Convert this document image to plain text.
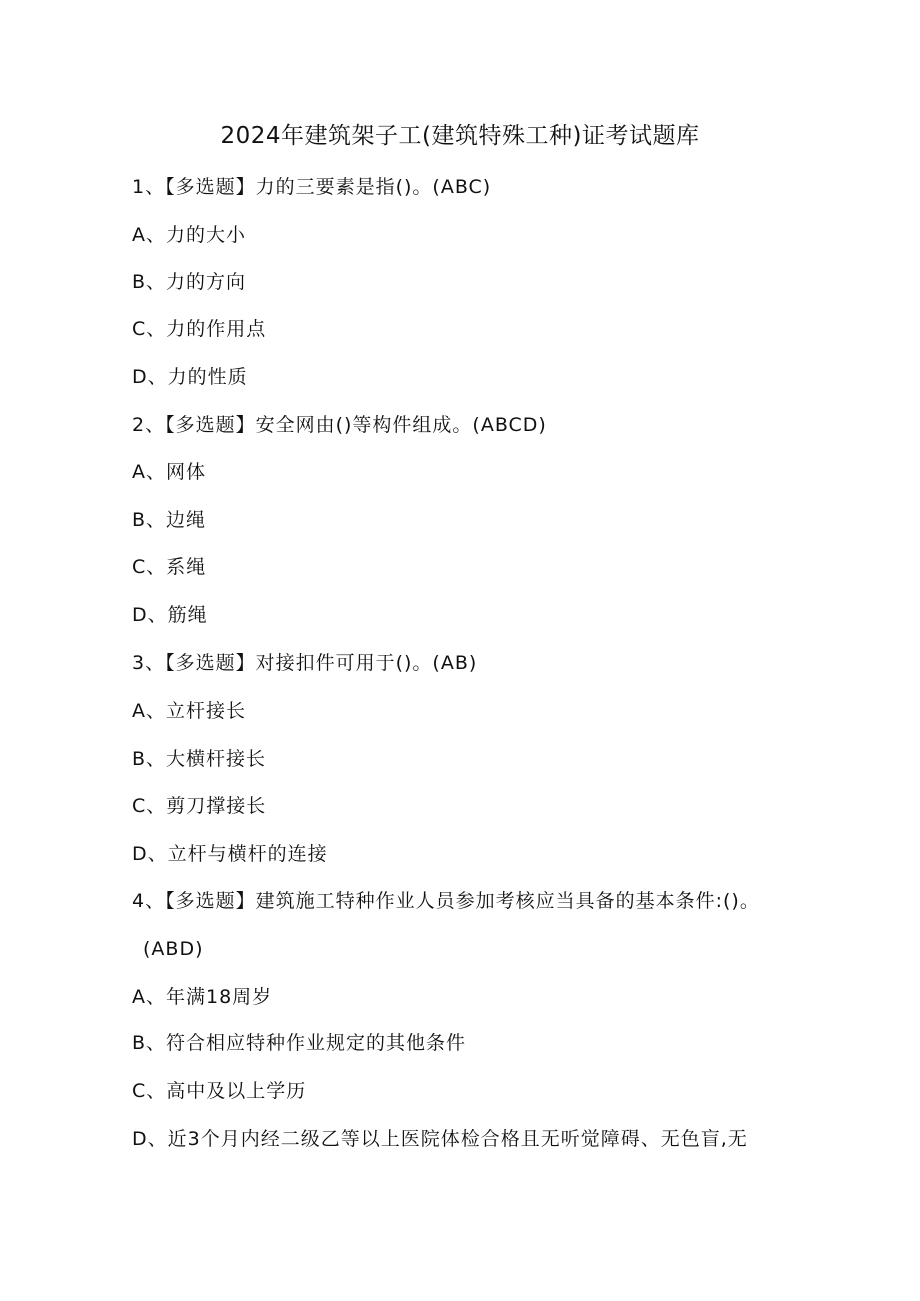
2024年建筑架子工(建筑特殊工种)证考试题库
1、【多选题】力的三要素是指()。(ABC)
A、力的大小
B、力的方向
C、力的作用点
D、力的性质
2、【多选题】安全网由()等构件组成。(ABCD)
A、网体
B、边绳
C、系绳
D、筋绳
3、【多选题】对接扣件可用于()。(AB)
A、立杆接长
B、大横杆接长
C、剪刀撑接长
D、立杆与横杆的连接
4、【多选题】建筑施工特种作业人员参加考核应当具备的基本条件:()。
(ABD)
A、年满18周岁
B、符合相应特种作业规定的其他条件
C、高中及以上学历
D、近3个月内经二级乙等以上医院体检合格且无听觉障碍、无色盲,无
